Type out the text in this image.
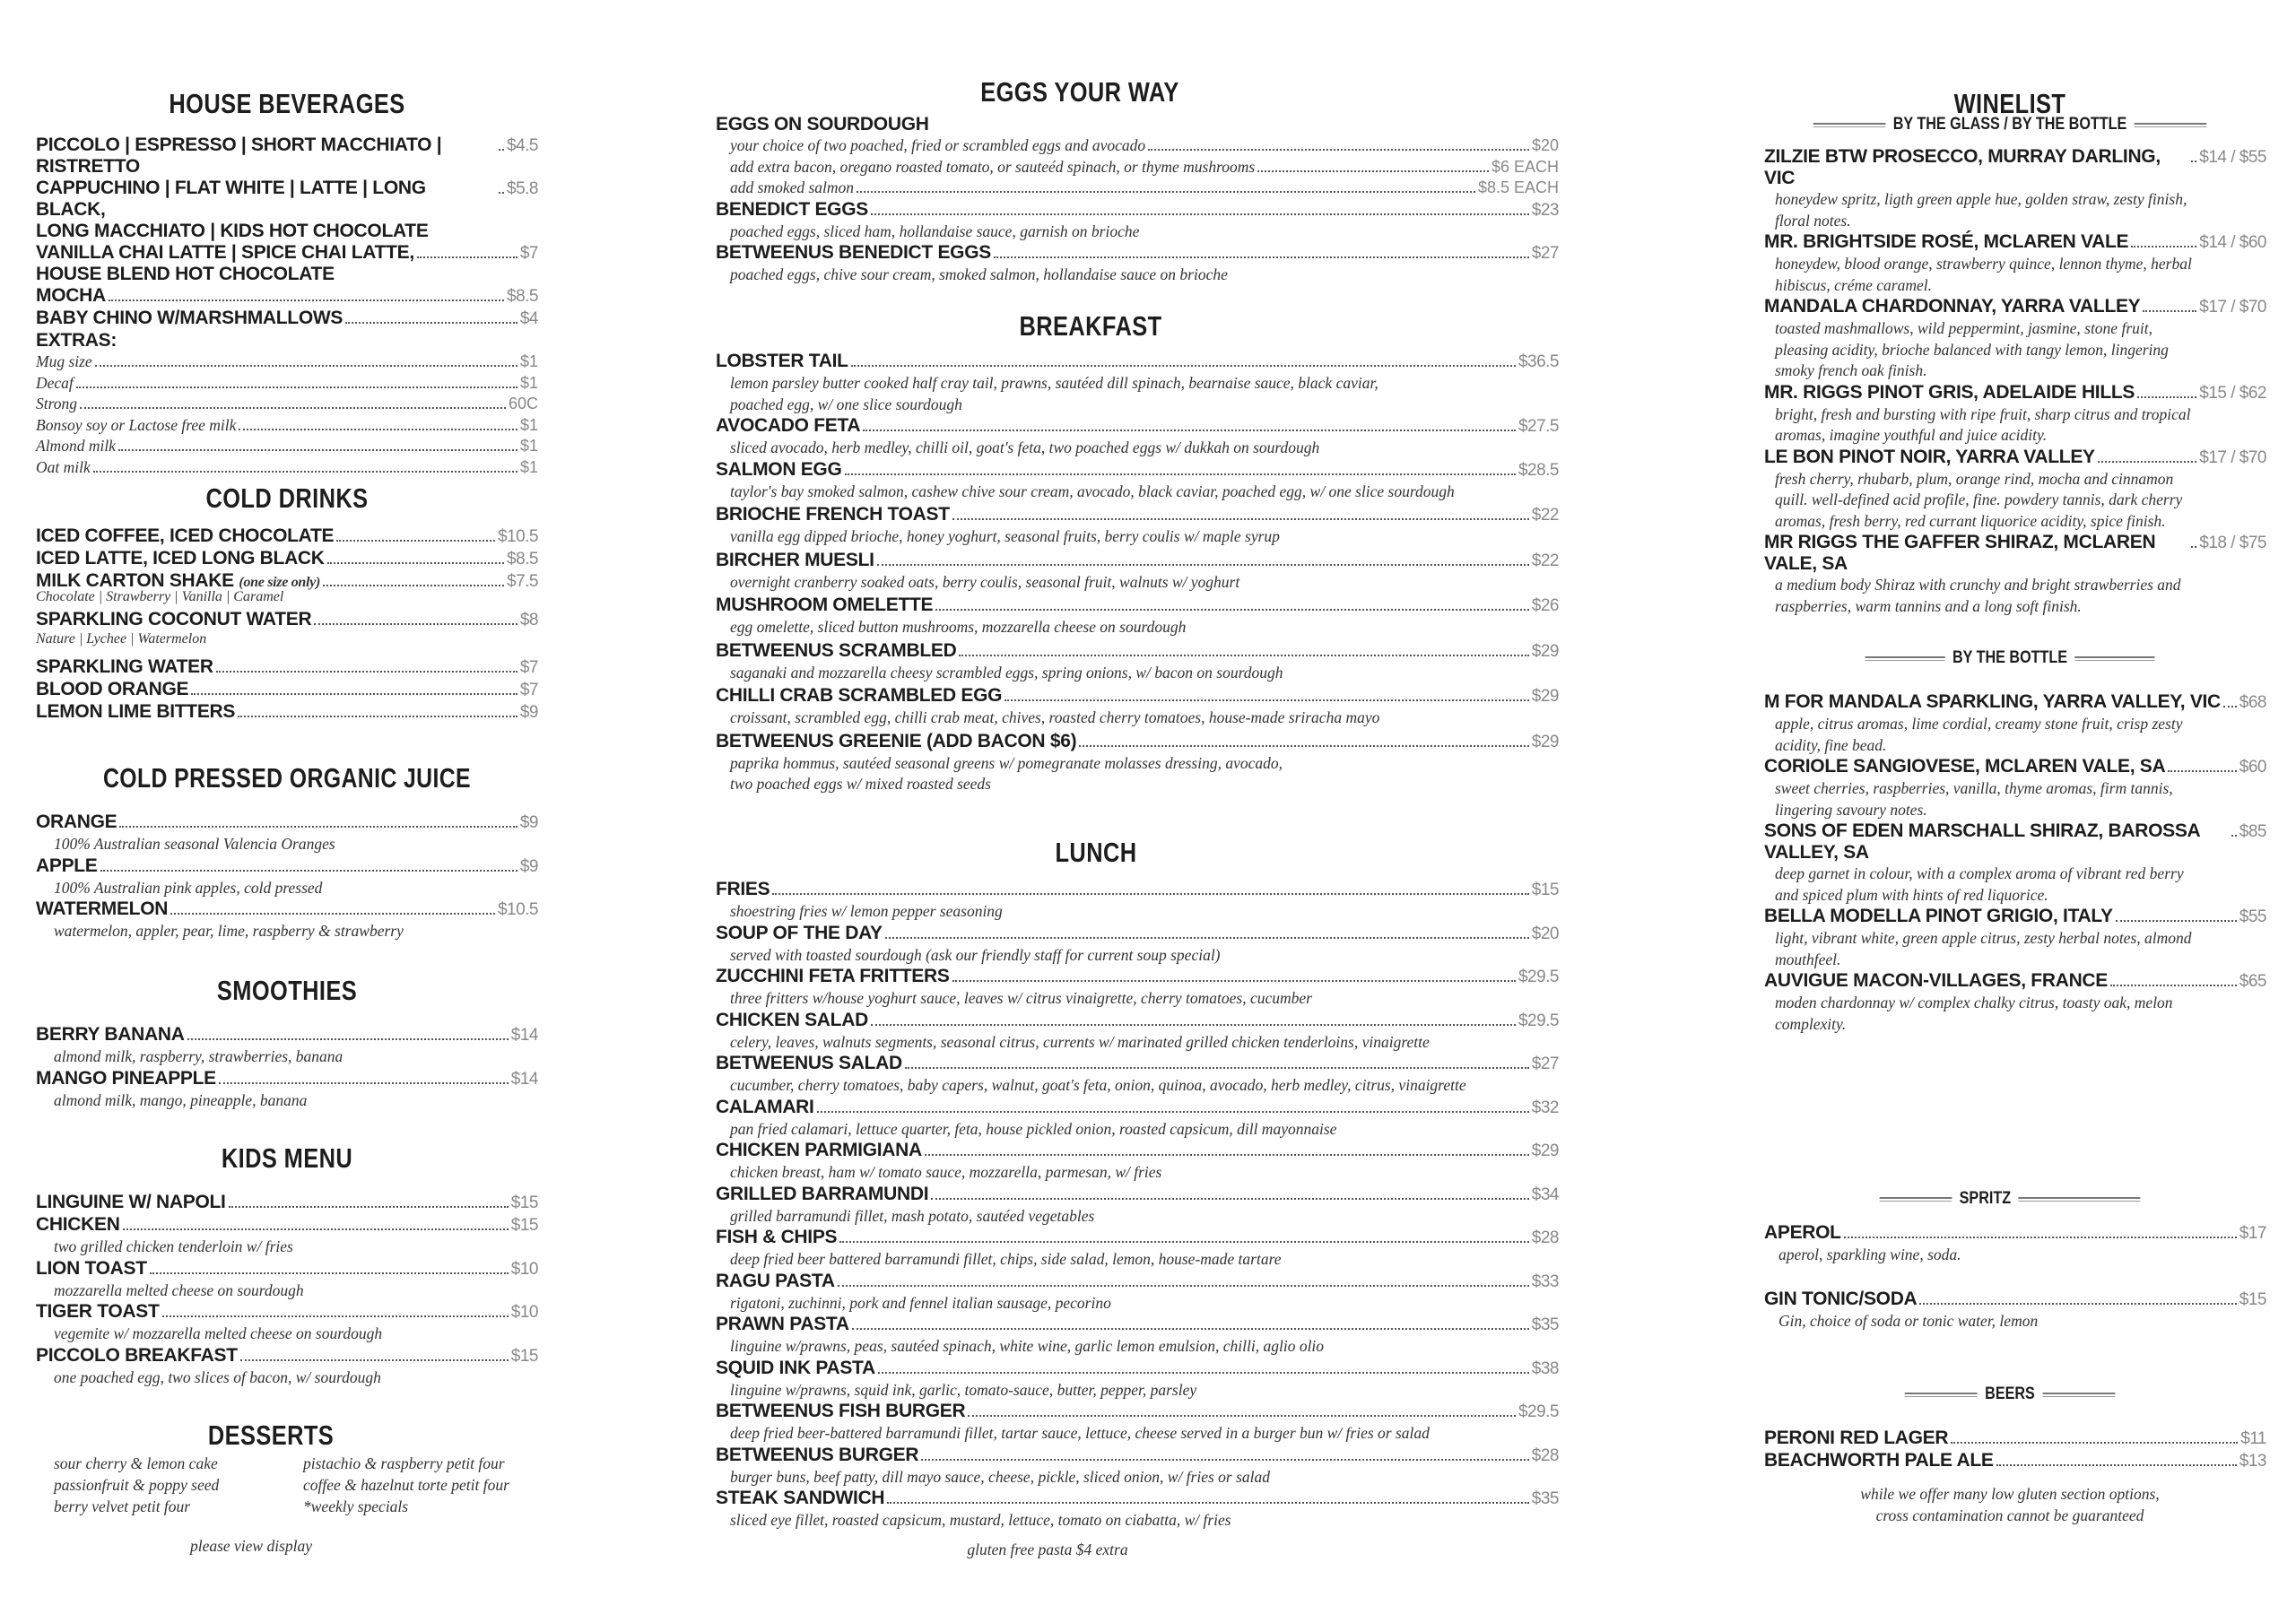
HOUSE BEVERAGES
PICCOLO | ESPRESSO | SHORT MACCHIATO | RISTRETTO
$4.5
CAPPUCHINO | FLAT WHITE | LATTE | LONG BLACK,
LONG MACCHIATO | KIDS HOT CHOCOLATE
$5.8
VANILLA CHAI LATTE | SPICE CHAI LATTE,
HOUSE BLEND HOT CHOCOLATE
$7
MOCHA	$8.5
BABY CHINO W/MARSHMALLOWS	$4
EXTRAS:
Mug size	$1
Decaf	$1
Strong	60C
Bonsoy soy or Lactose free milk	$1
Almond milk	$1
Oat milk	$1
COLD DRINKS
ICED COFFEE, ICED CHOCOLATE	$10.5
ICED LATTE, ICED LONG BLACK	$8.5
MILK CARTON SHAKE
(one size only)	$7.5
Chocolate | Strawberry | Vanilla | Caramel
SPARKLING COCONUT WATER	$8
Nature | Lychee | Watermelon
SPARKLING WATER	$7
BLOOD ORANGE	$7
LEMON LIME BITTERS	$9
COLD PRESSED ORGANIC JUICE
ORANGE	$9
100% Australian seasonal Valencia Oranges
APPLE	$9
100% Australian pink apples, cold pressed
WATERMELON	$10.5
watermelon, appler, pear, lime, raspberry & strawberry
SMOOTHIES
BERRY BANANA	$14
almond milk, raspberry, strawberries, banana
MANGO PINEAPPLE	$14
almond milk, mango, pineapple, banana
KIDS MENU
LINGUINE W/ NAPOLI	$15
CHICKEN	$15
two grilled chicken tenderloin w/ fries
LION TOAST	$10
mozzarella melted cheese on sourdough
TIGER TOAST	$10
vegemite w/ mozzarella melted cheese on sourdough
PICCOLO BREAKFAST	$15
one poached egg, two slices of bacon, w/ sourdough
DESSERTS
sour cherry & lemon cake	pistachio & raspberry petit four
passionfruit & poppy seed	coffee & hazelnut torte petit four
berry velvet petit four	*weekly specials
please view display
EGGS YOUR WAY
EGGS ON SOURDOUGH
your choice of two poached, fried or scrambled eggs and avocado	$20
add extra bacon, oregano roasted tomato, or sauteéd spinach, or thyme mushrooms	$6 EACH
add smoked salmon	$8.5 EACH
BENEDICT EGGS	$23
poached eggs, sliced ham, hollandaise sauce, garnish on brioche
BETWEENUS BENEDICT EGGS	$27
poached eggs, chive sour cream, smoked salmon, hollandaise sauce on brioche
BREAKFAST
LOBSTER TAIL	$36.5
lemon parsley butter cooked half cray tail, prawns, sautéed dill spinach, bearnaise sauce, black caviar,
poached egg, w/ one slice sourdough
AVOCADO FETA	$27.5
sliced avocado, herb medley, chilli oil, goat's feta, two poached eggs w/ dukkah on sourdough
SALMON EGG	$28.5
taylor's bay smoked salmon, cashew chive sour cream, avocado, black caviar, poached egg, w/ one slice sourdough
BRIOCHE FRENCH TOAST	$22
vanilla egg dipped brioche, honey yoghurt, seasonal fruits, berry coulis w/ maple syrup
BIRCHER MUESLI	$22
overnight cranberry soaked oats, berry coulis, seasonal fruit, walnuts w/ yoghurt
MUSHROOM OMELETTE	$26
egg omelette, sliced button mushrooms, mozzarella cheese on sourdough
BETWEENUS SCRAMBLED	$29
saganaki and mozzarella cheesy scrambled eggs, spring onions, w/ bacon on sourdough
CHILLI CRAB SCRAMBLED EGG	$29
croissant, scrambled egg, chilli crab meat, chives, roasted cherry tomatoes, house-made sriracha mayo
BETWEENUS GREENIE (ADD BACON $6)	$29
paprika hommus, sautéed seasonal greens w/ pomegranate molasses dressing, avocado,
two poached eggs w/ mixed roasted seeds
LUNCH
FRIES	$15
shoestring fries w/ lemon pepper seasoning
SOUP OF THE DAY	$20
served with toasted sourdough (ask our friendly staff for current soup special)
ZUCCHINI FETA FRITTERS	$29.5
three fritters w/house yoghurt sauce, leaves w/ citrus vinaigrette, cherry tomatoes, cucumber
CHICKEN SALAD	$29.5
celery, leaves, walnuts segments, seasonal citrus, currents w/ marinated grilled chicken tenderloins, vinaigrette
BETWEENUS SALAD	$27
cucumber, cherry tomatoes, baby capers, walnut, goat's feta, onion, quinoa, avocado, herb medley, citrus, vinaigrette
CALAMARI	$32
pan fried calamari, lettuce quarter, feta, house pickled onion, roasted capsicum, dill mayonnaise
CHICKEN PARMIGIANA	$29
chicken breast, ham w/ tomato sauce, mozzarella, parmesan, w/ fries
GRILLED BARRAMUNDI	$34
grilled barramundi fillet, mash potato, sautéed vegetables
FISH & CHIPS	$28
deep fried beer battered barramundi fillet, chips, side salad, lemon, house-made tartare
RAGU PASTA	$33
rigatoni, zuchinni, pork and fennel italian sausage, pecorino
PRAWN PASTA	$35
linguine w/prawns, peas, sautéed spinach, white wine, garlic lemon emulsion, chilli, aglio olio
SQUID INK PASTA	$38
linguine w/prawns, squid ink, garlic, tomato-sauce, butter, pepper, parsley
BETWEENUS FISH BURGER	$29.5
deep fried beer-battered barramundi fillet, tartar sauce, lettuce, cheese served in a burger bun w/ fries or salad
BETWEENUS BURGER	$28
burger buns, beef patty, dill mayo sauce, cheese, pickle, sliced onion, w/ fries or salad
STEAK SANDWICH	$35
sliced eye fillet, roasted capsicum, mustard, lettuce, tomato on ciabatta, w/ fries
gluten free pasta $4 extra
WINELIST
BY THE GLASS / BY THE BOTTLE
ZILZIE BTW PROSECCO, MURRAY DARLING, VIC
$14 / $55
honeydew spritz, ligth green apple hue, golden straw, zesty finish,
floral notes.
MR. BRIGHTSIDE ROSÉ, MCLAREN VALE	$14 / $60
honeydew, blood orange, strawberry quince, lennon thyme, herbal
hibiscus, créme caramel.
MANDALA CHARDONNAY, YARRA VALLEY	$17 / $70
toasted mashmallows, wild peppermint, jasmine, stone fruit,
pleasing acidity, brioche balanced with tangy lemon, lingering
smoky french oak finish.
MR. RIGGS PINOT GRIS, ADELAIDE HILLS	$15 / $62
bright, fresh and bursting with ripe fruit, sharp citrus and tropical
aromas, imagine youthful and juice acidity.
LE BON PINOT NOIR, YARRA VALLEY	$17 / $70
fresh cherry, rhubarb, plum, orange rind, mocha and cinnamon
quill. well-defined acid profile, fine. powdery tannis, dark cherry
aromas, fresh berry, red currant liquorice acidity, spice finish.
MR RIGGS THE GAFFER SHIRAZ, MCLAREN VALE, SA
$18 / $75
a medium body Shiraz with crunchy and bright strawberries and
raspberries, warm tannins and a long soft finish.
BY THE BOTTLE
M FOR MANDALA SPARKLING, YARRA VALLEY, VIC $68
apple, citrus aromas, lime cordial, creamy stone fruit, crisp zesty
acidity, fine bead.
CORIOLE SANGIOVESE, MCLAREN VALE, SA	$60
sweet cherries, raspberries, vanilla, thyme aromas, firm tannis,
lingering savoury notes.
SONS OF EDEN MARSCHALL SHIRAZ, BAROSSA VALLEY, SA
$85
deep garnet in colour, with a complex aroma of vibrant red berry
and spiced plum with hints of red liquorice.
BELLA MODELLA PINOT GRIGIO, ITALY	$55
light, vibrant white, green apple citrus, zesty herbal notes, almond
mouthfeel.
AUVIGUE MACON-VILLAGES, FRANCE	$65
moden chardonnay w/ complex chalky citrus, toasty oak, melon
complexity.
SPRITZ
APEROL	$17
aperol, sparkling wine, soda.
GIN TONIC/SODA	$15
Gin, choice of soda or tonic water, lemon
BEERS
PERONI RED LAGER	$11
BEACHWORTH PALE ALE	$13
while we offer many low gluten section options,
cross contamination cannot be guaranteed
